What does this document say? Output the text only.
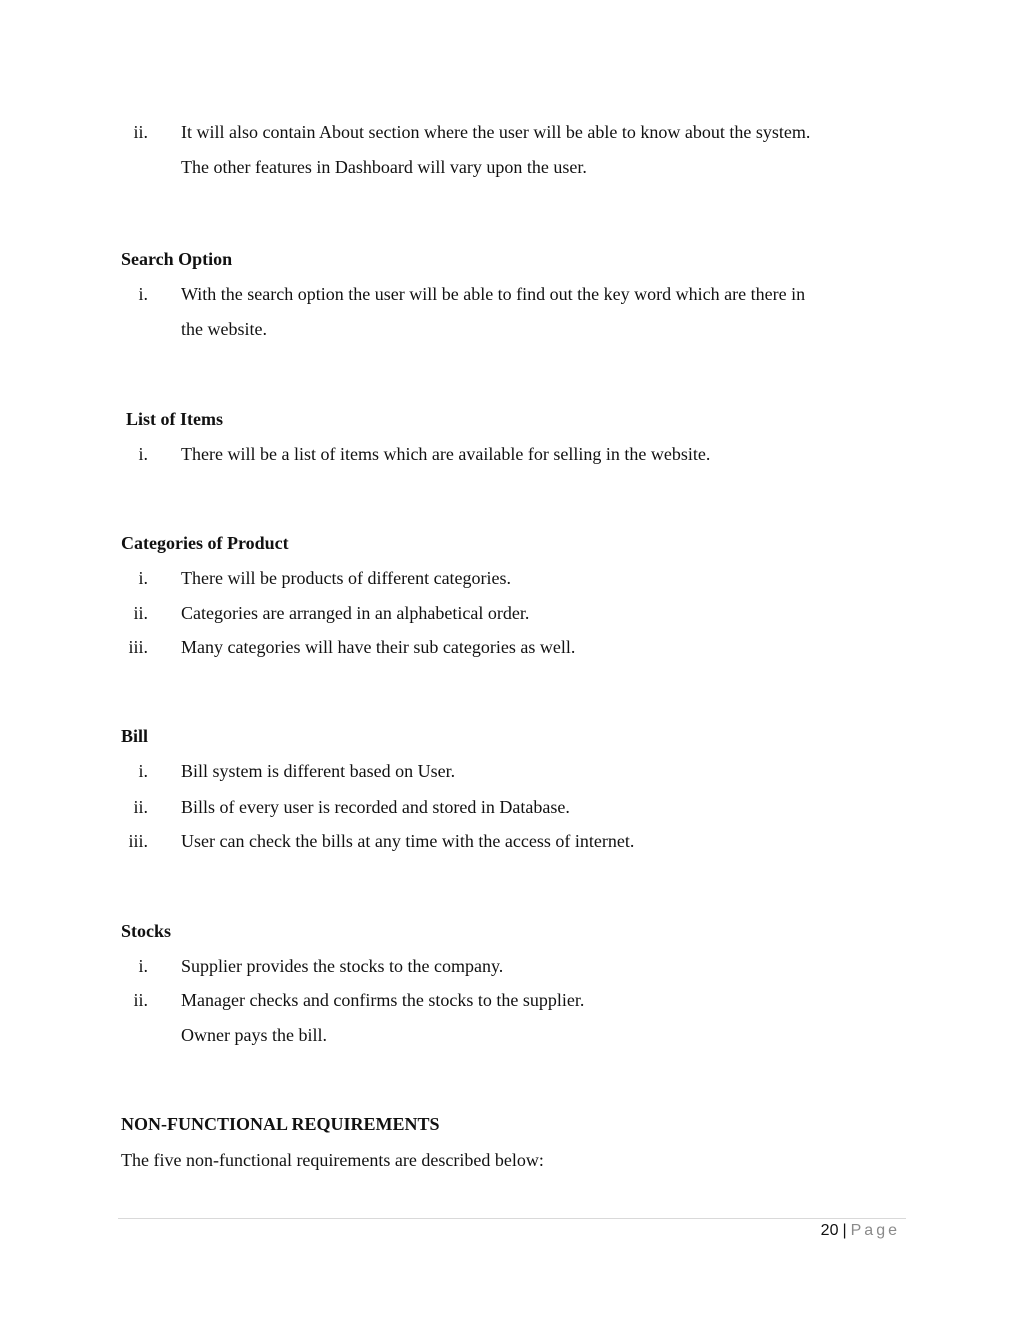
ii. It will also contain About section where the user will be able to know about the system.
The other features in Dashboard will vary upon the user.
Search Option
i. With the search option the user will be able to find out the key word which are there in
the website.
List of Items
i. There will be a list of items which are available for selling in the website.
Categories of Product
i. There will be products of different categories.
ii. Categories are arranged in an alphabetical order.
iii. Many categories will have their sub categories as well.
Bill
i. Bill system is different based on User.
ii. Bills of every user is recorded and stored in Database.
iii. User can check the bills at any time with the access of internet.
Stocks
i. Supplier provides the stocks to the company.
ii. Manager checks and confirms the stocks to the supplier.
Owner pays the bill.
NON-FUNCTIONAL REQUIREMENTS
The five non-functional requirements are described below:
20 | Page
